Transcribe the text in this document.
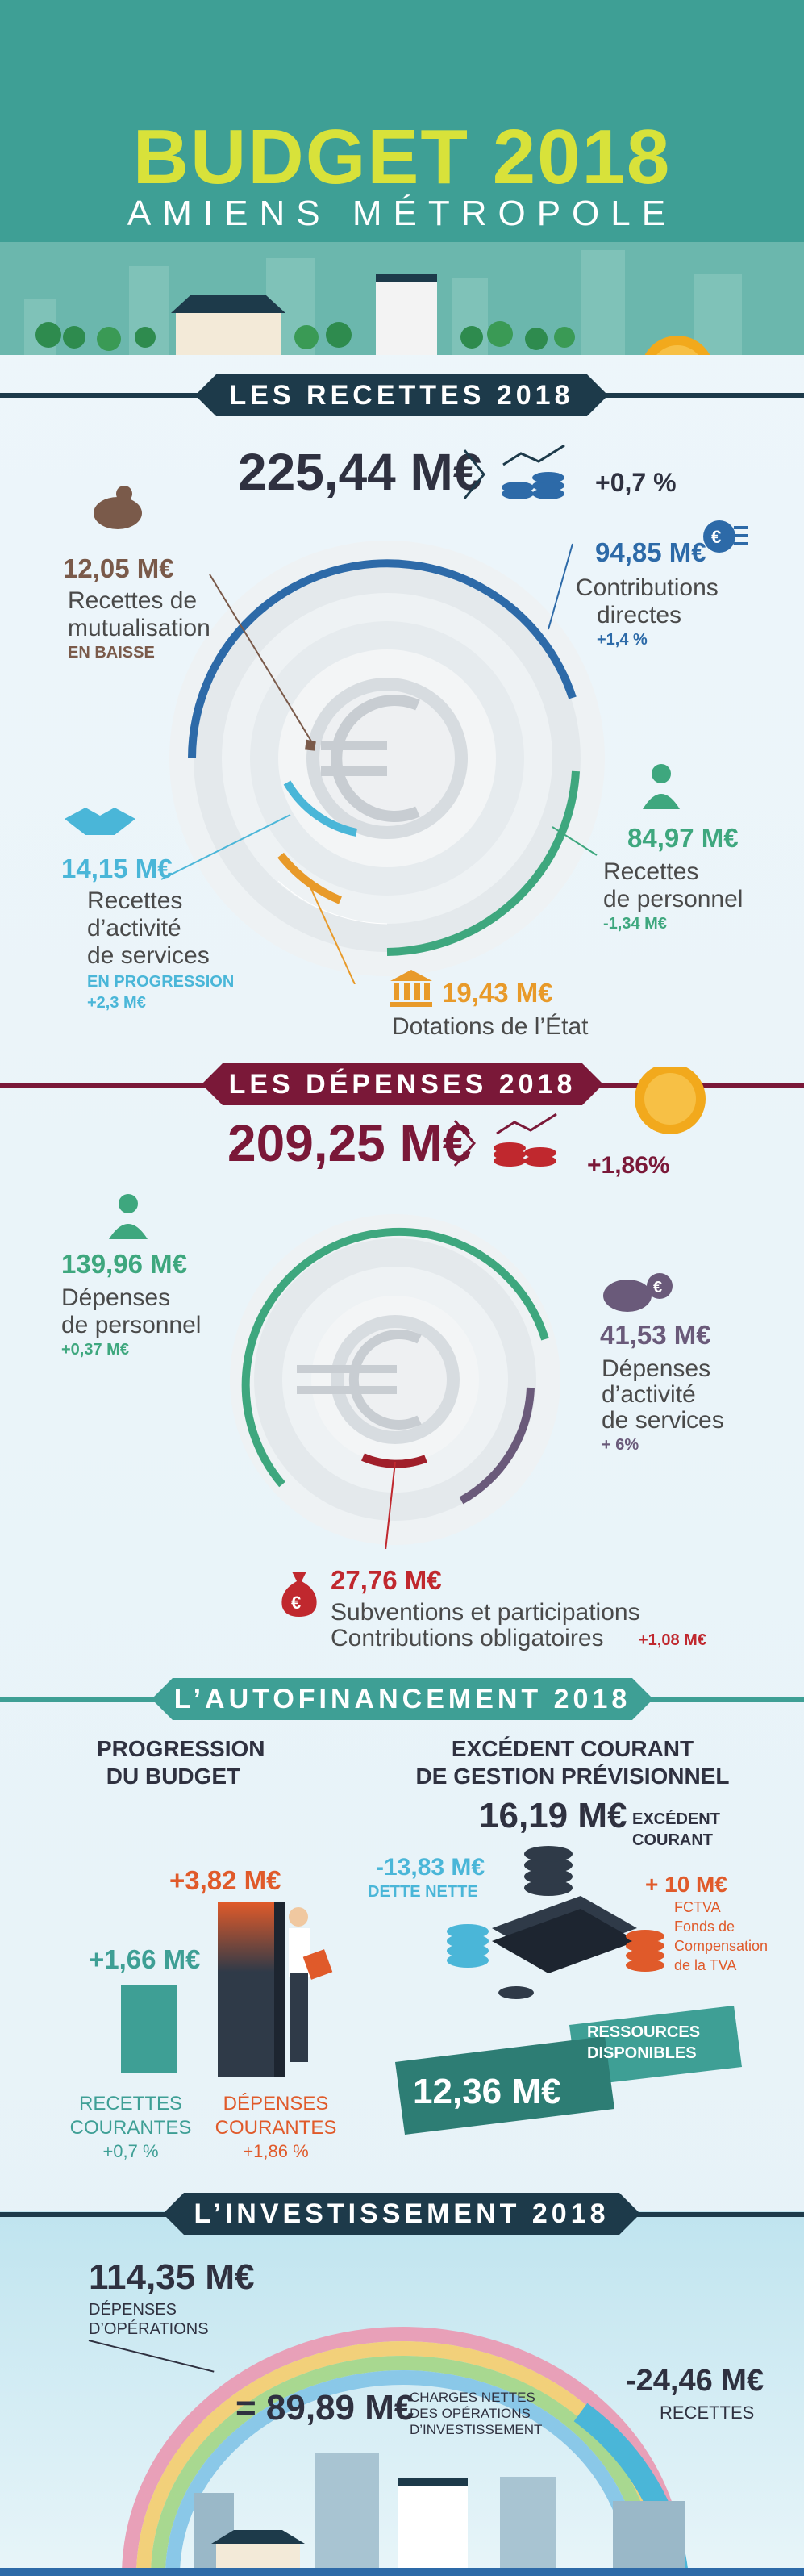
BUDGET 2018
AMIENS MÉTROPOLE
LES RECETTES 2018
225,44 M€	+0,7 %
12,05 M€
Recettes de
mutualisation
EN BAISSE
€
94,85 M€
Contributions
directes
+1,4 %
84,97 M€
Recettes
de personnel
-1,34 M€
14,15 M€
Recettes
d’activité
de services
EN PROGRESSION
+2,3 M€	19,43 M€
Dotations de l’État
LES DÉPENSES 2018
209,25 M€	+1,86%
139,96 M€
Dépenses
de personnel
+0,37 M€
€
41,53 M€
Dépenses
d’activité
de services
+ 6%
€
27,76 M€
Subventions et participations
Contributions obligatoires +1,08 M€
L’AUTOFINANCEMENT 2018
PROGRESSION
DU BUDGET
+1,66 M€
+3,82 M€
RECETTES
COURANTES
+0,7 %
DÉPENSES
COURANTES
+1,86 %
EXCÉDENT COURANT
DE GESTION PRÉVISIONNEL
16,19 M€ EXCÉDENT
COURANT
-13,83 M€
DETTE NETTE	+ 10 M€
FCTVA
Fonds de
Compensation
de la TVA
RESSOURCES
DISPONIBLES
12,36 M€
L’INVESTISSEMENT 2018
114,35 M€
DÉPENSES
D’OPÉRATIONS
= 89,89 M€
CHARGES NETTES
DES OPÉRATIONS
D’INVESTISSEMENT
-24,46 M€
RECETTES
